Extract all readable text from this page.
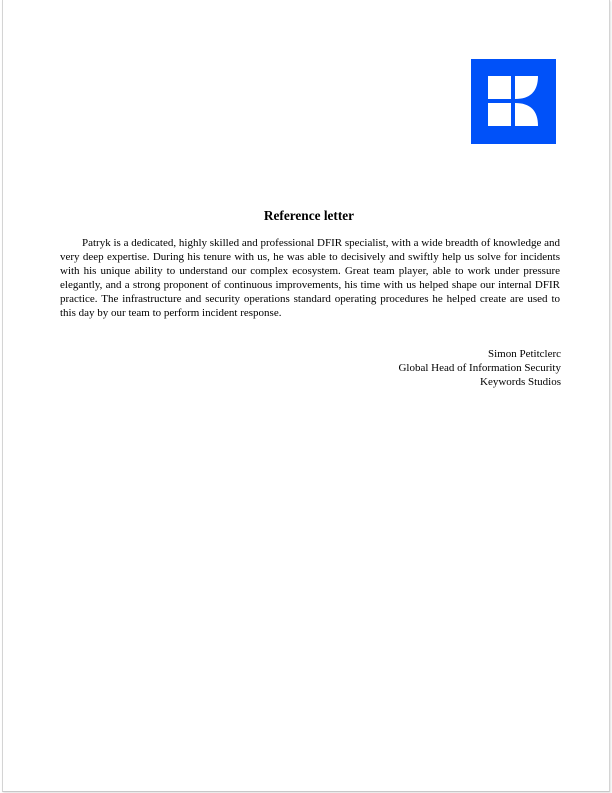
Reference letter

Patryk is a dedicated, highly skilled and professional DFIR specialist, with a wide breadth of knowledge and very deep expertise. During his tenure with us, he was able to decisively and swiftly help us solve for incidents with his unique ability to understand our complex ecosystem. Great team player, able to work under pressure elegantly, and a strong proponent of continuous improvements, his time with us helped shape our internal DFIR practice. The infrastructure and security operations standard operating procedures he helped create are used to this day by our team to perform incident response.

Simon Petitclerc
Global Head of Information Security
Keywords Studios
